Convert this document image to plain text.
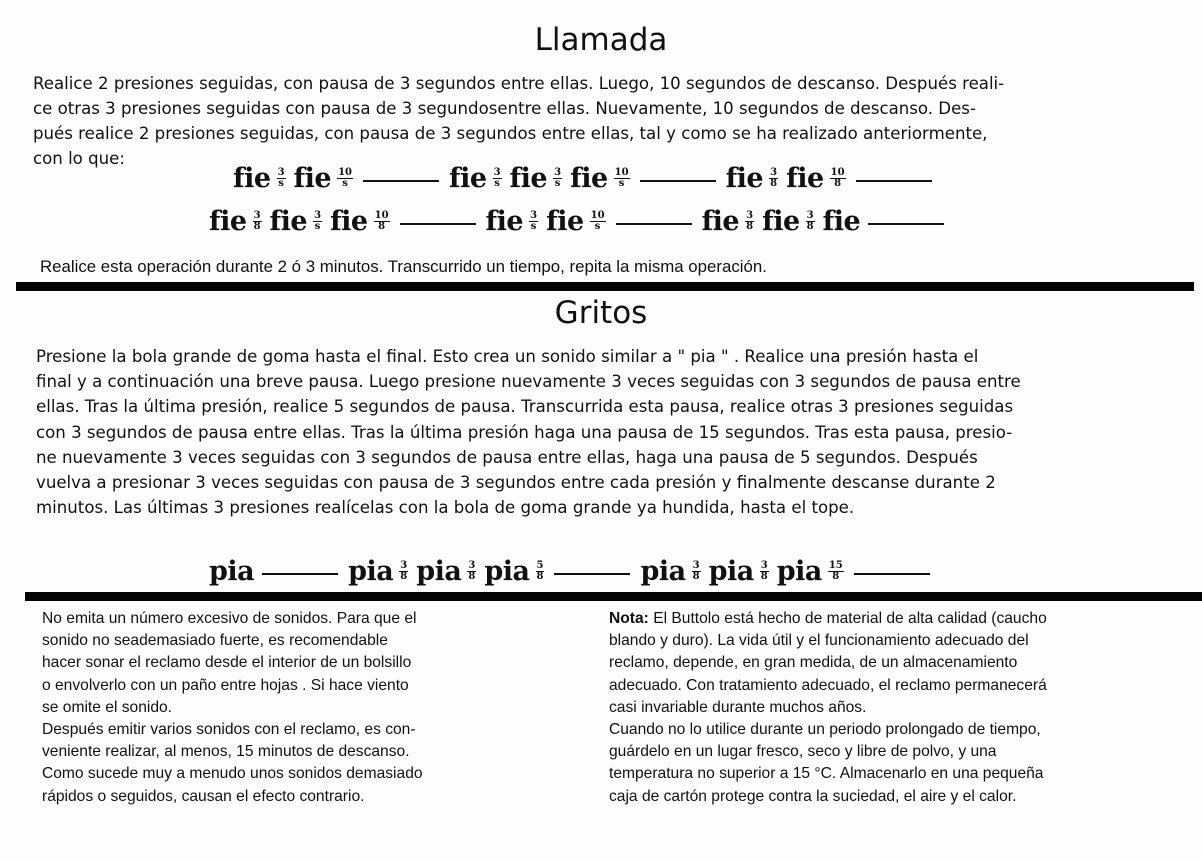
Llamada
Realice 2 presiones seguidas, con pausa de 3 segundos entre ellas. Luego, 10 segundos de descanso. Después reali-
ce otras 3 presiones seguidas con pausa de 3 segundosentre ellas. Nuevamente, 10 segundos de descanso. Des-
pués realice 2 presiones seguidas, con pausa de 3 segundos entre ellas, tal y como se ha realizado anteriormente,
con lo que:
fie $\frac{3}{s}$ fie $\frac{10}{s}$	fie $\frac{3}{s}$ fie $\frac{3}{s}$ fie $\frac{10}{s}$	fie $\frac{3}{8}$ fie $\frac{10}{8}$
fie $\frac{3}{8}$ fie $\frac{3}{s}$ fie $\frac{10}{8}$	fie $\frac{3}{s}$ fie $\frac{10}{s}$	fie $\frac{3}{8}$ fie $\frac{3}{8}$ fie
Realice esta operación durante 2 ó 3 minutos. Transcurrido un tiempo, repita la misma operación.
Gritos
Presione la bola grande de goma hasta el final. Esto crea un sonido similar a " pia " . Realice una presión hasta el
final y a continuación una breve pausa. Luego presione nuevamente 3 veces seguidas con 3 segundos de pausa entre
ellas. Tras la última presión, realice 5 segundos de pausa. Transcurrida esta pausa, realice otras 3 presiones seguidas
con 3 segundos de pausa entre ellas. Tras la última presión haga una pausa de 15 segundos. Tras esta pausa, presio-
ne nuevamente 3 veces seguidas con 3 segundos de pausa entre ellas, haga una pausa de 5 segundos. Después
vuelva a presionar 3 veces seguidas con pausa de 3 segundos entre cada presión y finalmente descanse durante 2
minutos. Las últimas 3 presiones realícelas con la bola de goma grande ya hundida, hasta el tope.
pia	pia $\frac{3}{8}$ pia $\frac{3}{8}$ pia $\frac{5}{8}$	pia $\frac{3}{8}$ pia $\frac{3}{8}$ pia $\frac{15}{8}$
No emita un número excesivo de sonidos. Para que el
sonido no seademasiado fuerte, es recomendable
hacer sonar el reclamo desde el interior de un bolsillo
o envolverlo con un paño entre hojas . Si hace viento
se omite el sonido.
Después emitir varios sonidos con el reclamo, es con-
veniente realizar, al menos, 15 minutos de descanso.
Como sucede muy a menudo unos sonidos demasiado
rápidos o seguidos, causan el efecto contrario.
Nota: El Buttolo está hecho de material de alta calidad (caucho
blando y duro). La vida útil y el funcionamiento adecuado del
reclamo, depende, en gran medida, de un almacenamiento
adecuado. Con tratamiento adecuado, el reclamo permanecerá
casi invariable durante muchos años.
Cuando no lo utilice durante un periodo prolongado de tiempo,
guárdelo en un lugar fresco, seco y libre de polvo, y una
temperatura no superior a 15 °C. Almacenarlo en una pequeña
caja de cartón protege contra la suciedad, el aire y el calor.
